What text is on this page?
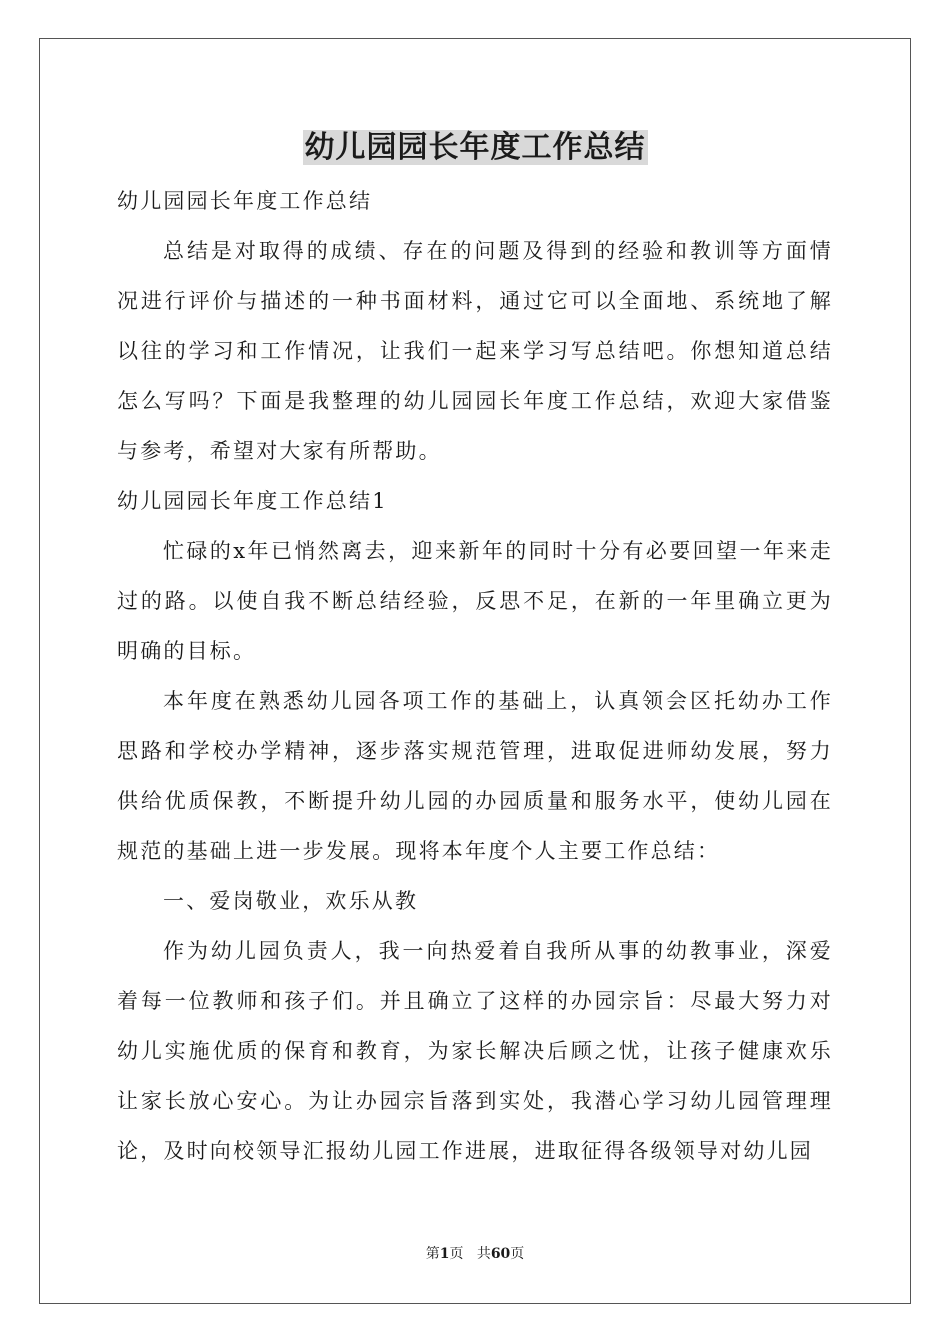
幼儿园园长年度工作总结

幼儿园园长年度工作总结

总结是对取得的成绩、存在的问题及得到的经验和教训等方面情况进行评价与描述的一种书面材料，通过它可以全面地、系统地了解以往的学习和工作情况，让我们一起来学习写总结吧。你想知道总结怎么写吗？下面是我整理的幼儿园园长年度工作总结，欢迎大家借鉴与参考，希望对大家有所帮助。

幼儿园园长年度工作总结1

忙碌的x年已悄然离去，迎来新年的同时十分有必要回望一年来走过的路。以使自我不断总结经验，反思不足，在新的一年里确立更为明确的目标。

本年度在熟悉幼儿园各项工作的基础上，认真领会区托幼办工作思路和学校办学精神，逐步落实规范管理，进取促进师幼发展，努力供给优质保教，不断提升幼儿园的办园质量和服务水平，使幼儿园在规范的基础上进一步发展。现将本年度个人主要工作总结：

一、爱岗敬业，欢乐从教

作为幼儿园负责人，我一向热爱着自我所从事的幼教事业，深爱着每一位教师和孩子们。并且确立了这样的办园宗旨：尽最大努力对幼儿实施优质的保育和教育，为家长解决后顾之忧，让孩子健康欢乐让家长放心安心。为让办园宗旨落到实处，我潜心学习幼儿园管理理论，及时向校领导汇报幼儿园工作进展，进取征得各级领导对幼儿园

第1页 共60页
